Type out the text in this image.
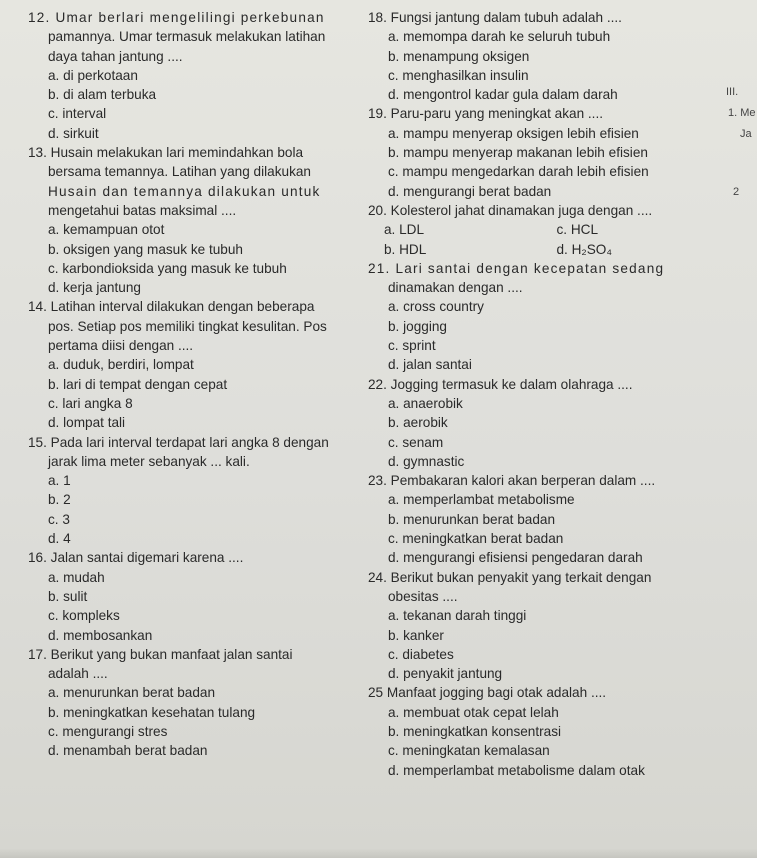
12. Umar berlari mengelilingi perkebunan
pamannya. Umar termasuk melakukan latihan
daya tahan jantung ....
a. di perkotaan
b. di alam terbuka
c. interval
d. sirkuit
13. Husain melakukan lari memindahkan bola
bersama temannya. Latihan yang dilakukan
Husain dan temannya dilakukan untuk
mengetahui batas maksimal ....
a. kemampuan otot
b. oksigen yang masuk ke tubuh
c. karbondioksida yang masuk ke tubuh
d. kerja jantung
14. Latihan interval dilakukan dengan beberapa
pos. Setiap pos memiliki tingkat kesulitan. Pos
pertama diisi dengan ....
a. duduk, berdiri, lompat
b. lari di tempat dengan cepat
c. lari angka 8
d. lompat tali
15. Pada lari interval terdapat lari angka 8 dengan
jarak lima meter sebanyak ... kali.
a. 1
b. 2
c. 3
d. 4
16. Jalan santai digemari karena ....
a. mudah
b. sulit
c. kompleks
d. membosankan
17. Berikut yang bukan manfaat jalan santai
adalah ....
a. menurunkan berat badan
b. meningkatkan kesehatan tulang
c. mengurangi stres
d. menambah berat badan
18. Fungsi jantung dalam tubuh adalah ....
a. memompa darah ke seluruh tubuh
b. menampung oksigen
c. menghasilkan insulin
d. mengontrol kadar gula dalam darah
19. Paru-paru yang meningkat akan ....
a. mampu menyerap oksigen lebih efisien
b. mampu menyerap makanan lebih efisien
c. mampu mengedarkan darah lebih efisien
d. mengurangi berat badan
20. Kolesterol jahat dinamakan juga dengan ....
a. LDL	c. HCL
b. HDL	d. H₂SO₄
21. Lari santai dengan kecepatan sedang
dinamakan dengan ....
a. cross country
b. jogging
c. sprint
d. jalan santai
22. Jogging termasuk ke dalam olahraga ....
a. anaerobik
b. aerobik
c. senam
d. gymnastic
23. Pembakaran kalori akan berperan dalam ....
a. memperlambat metabolisme
b. menurunkan berat badan
c. meningkatkan berat badan
d. mengurangi efisiensi pengedaran darah
24. Berikut bukan penyakit yang terkait dengan
obesitas ....
a. tekanan darah tinggi
b. kanker
c. diabetes
d. penyakit jantung
25 Manfaat jogging bagi otak adalah ....
a. membuat otak cepat lelah
b. meningkatkan konsentrasi
c. meningkatan kemalasan
d. memperlambat metabolisme dalam otak
III.
1. Me
Ja
2
